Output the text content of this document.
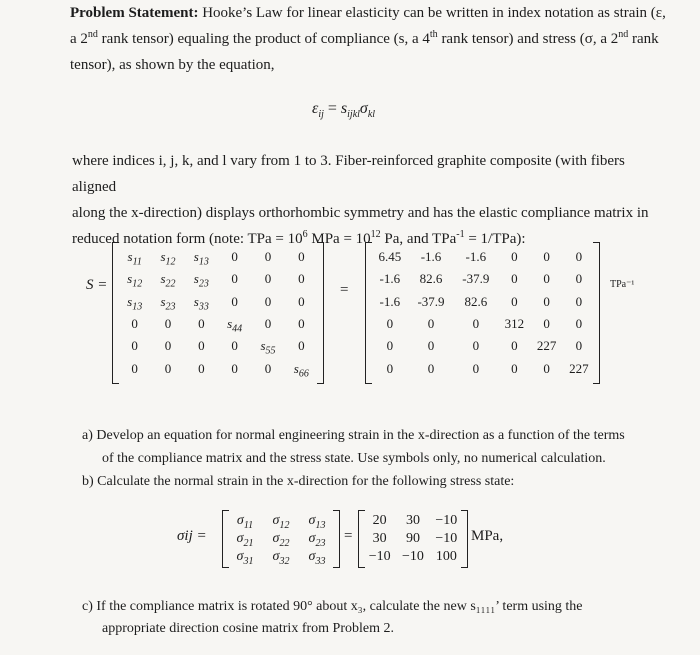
Problem Statement: Hooke’s Law for linear elasticity can be written in index notation as strain (ε, a 2nd rank tensor) equaling the product of compliance (s, a 4th rank tensor) and stress (σ, a 2nd rank tensor), as shown by the equation,
$\varepsilon_{ij} = s_{ijkl}\sigma_{kl}$
where indices i, j, k, and l vary from 1 to 3. Fiber-reinforced graphite composite (with fibers aligned
along the x-direction) displays orthorhombic symmetry and has the elastic compliance matrix in
reduced notation form (note: TPa = $10^6$ MPa = $10^{12}$ Pa, and TPa$^{-1}$ = 1/TPa):
S =
$s_{11}$	$s_{12}$	$s_{13}$	0	0	0
$s_{12}$	$s_{22}$	$s_{23}$	0	0	0
$s_{13}$	$s_{23}$	$s_{33}$	0	0	0
0	0	0	$s_{44}$	0	0
0	0	0	0	$s_{55}$	0
0	0	0	0	0	$s_{66}$
=
6.45	-1.6	-1.6	0	0	0
-1.6	82.6	-37.9	0	0	0
-1.6	-37.9	82.6	0	0	0
0	0	0	312	0	0
0	0	0	0	227	0
0	0	0	0	0	227
TPa⁻¹
a) Develop an equation for normal engineering strain in the x-direction as a function of the terms

of the compliance matrix and the stress state. Use symbols only, no numerical calculation.
b) Calculate the normal strain in the x-direction for the following stress state:
σij =
$\sigma_{11}$	$\sigma_{12}$	$\sigma_{13}$
$\sigma_{21}$	$\sigma_{22}$	$\sigma_{23}$
$\sigma_{31}$	$\sigma_{32}$	$\sigma_{33}$
=
20	30	−10
30	90	−10
−10	−10	100
MPa,
c) If the compliance matrix is rotated 90° about x₃, calculate the new s₁₁₁₁’ term using the

appropriate direction cosine matrix from Problem 2.
